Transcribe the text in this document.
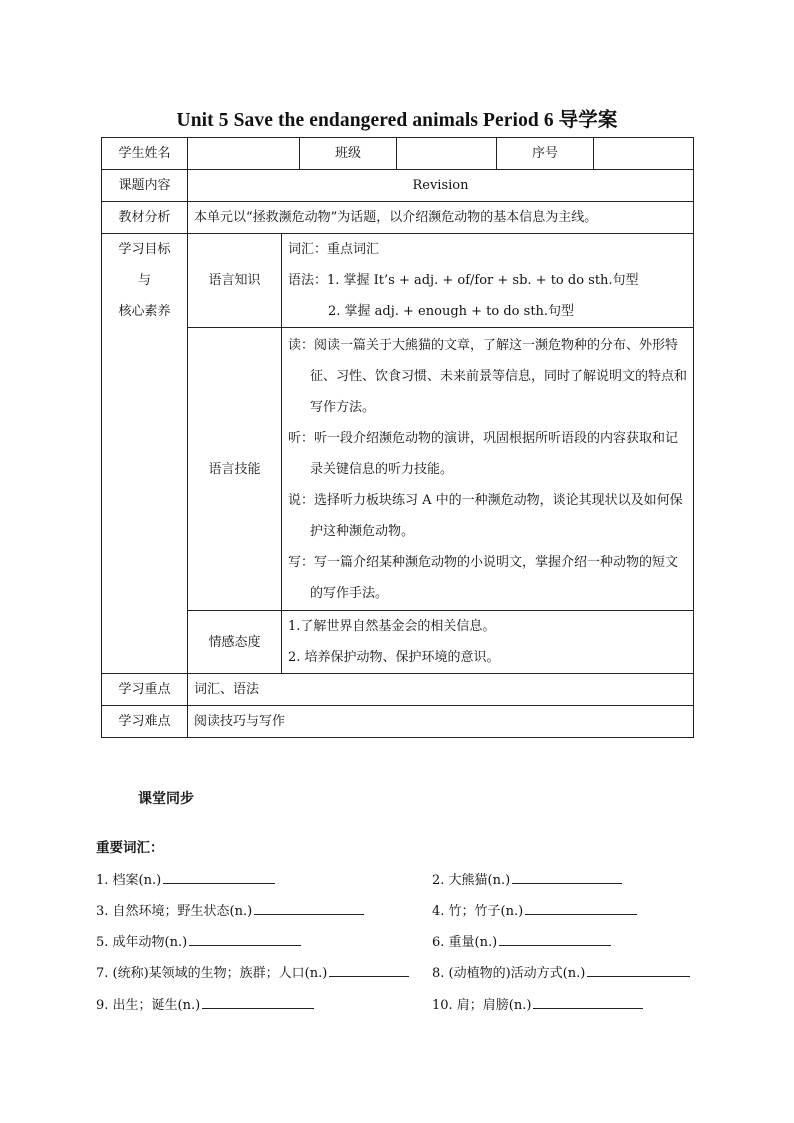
Unit 5 Save the endangered animals Period 6 导学案
学生姓名			班级		序号	
课题内容	Revision					
教材分析	本单元以“拯救濒危动物”为话题，以介绍濒危动物的基本信息为主线。					

学习目标
与
核心素养	语言知识	词汇：重点词汇
语法：1. 掌握 It’s + adj. + of/for + sb. + to do sth.句型
2. 掌握 adj. + enough + to do sth.句型				

	语言技能	读：阅读一篇关于大熊猫的文章，了解这一濒危物种的分布、外形特征、习性、饮食习惯、未来前景等信息，同时了解说明文的特点和写作方法。
听：听一段介绍濒危动物的演讲，巩固根据所听语段的内容获取和记录关键信息的听力技能。
说：选择听力板块练习 A 中的一种濒危动物，谈论其现状以及如何保护这种濒危动物。
写：写一篇介绍某种濒危动物的小说明文，掌握介绍一种动物的短文的写作手法。				

	情感态度	1.了解世界自然基金会的相关信息。
2. 培养保护动物、保护环境的意识。				

学习重点	词汇、语法					
学习难点	阅读技巧与写作					
课堂同步
重要词汇：
1. 档案(n.)	2. 大熊猫(n.)
3. 自然环境；野生状态(n.)	4. 竹；竹子(n.)
5. 成年动物(n.)	6. 重量(n.)
7. (统称)某领域的生物；族群；人口(n.)	8. (动植物的)活动方式(n.)
9. 出生；诞生(n.)	10. 肩；肩膀(n.)
